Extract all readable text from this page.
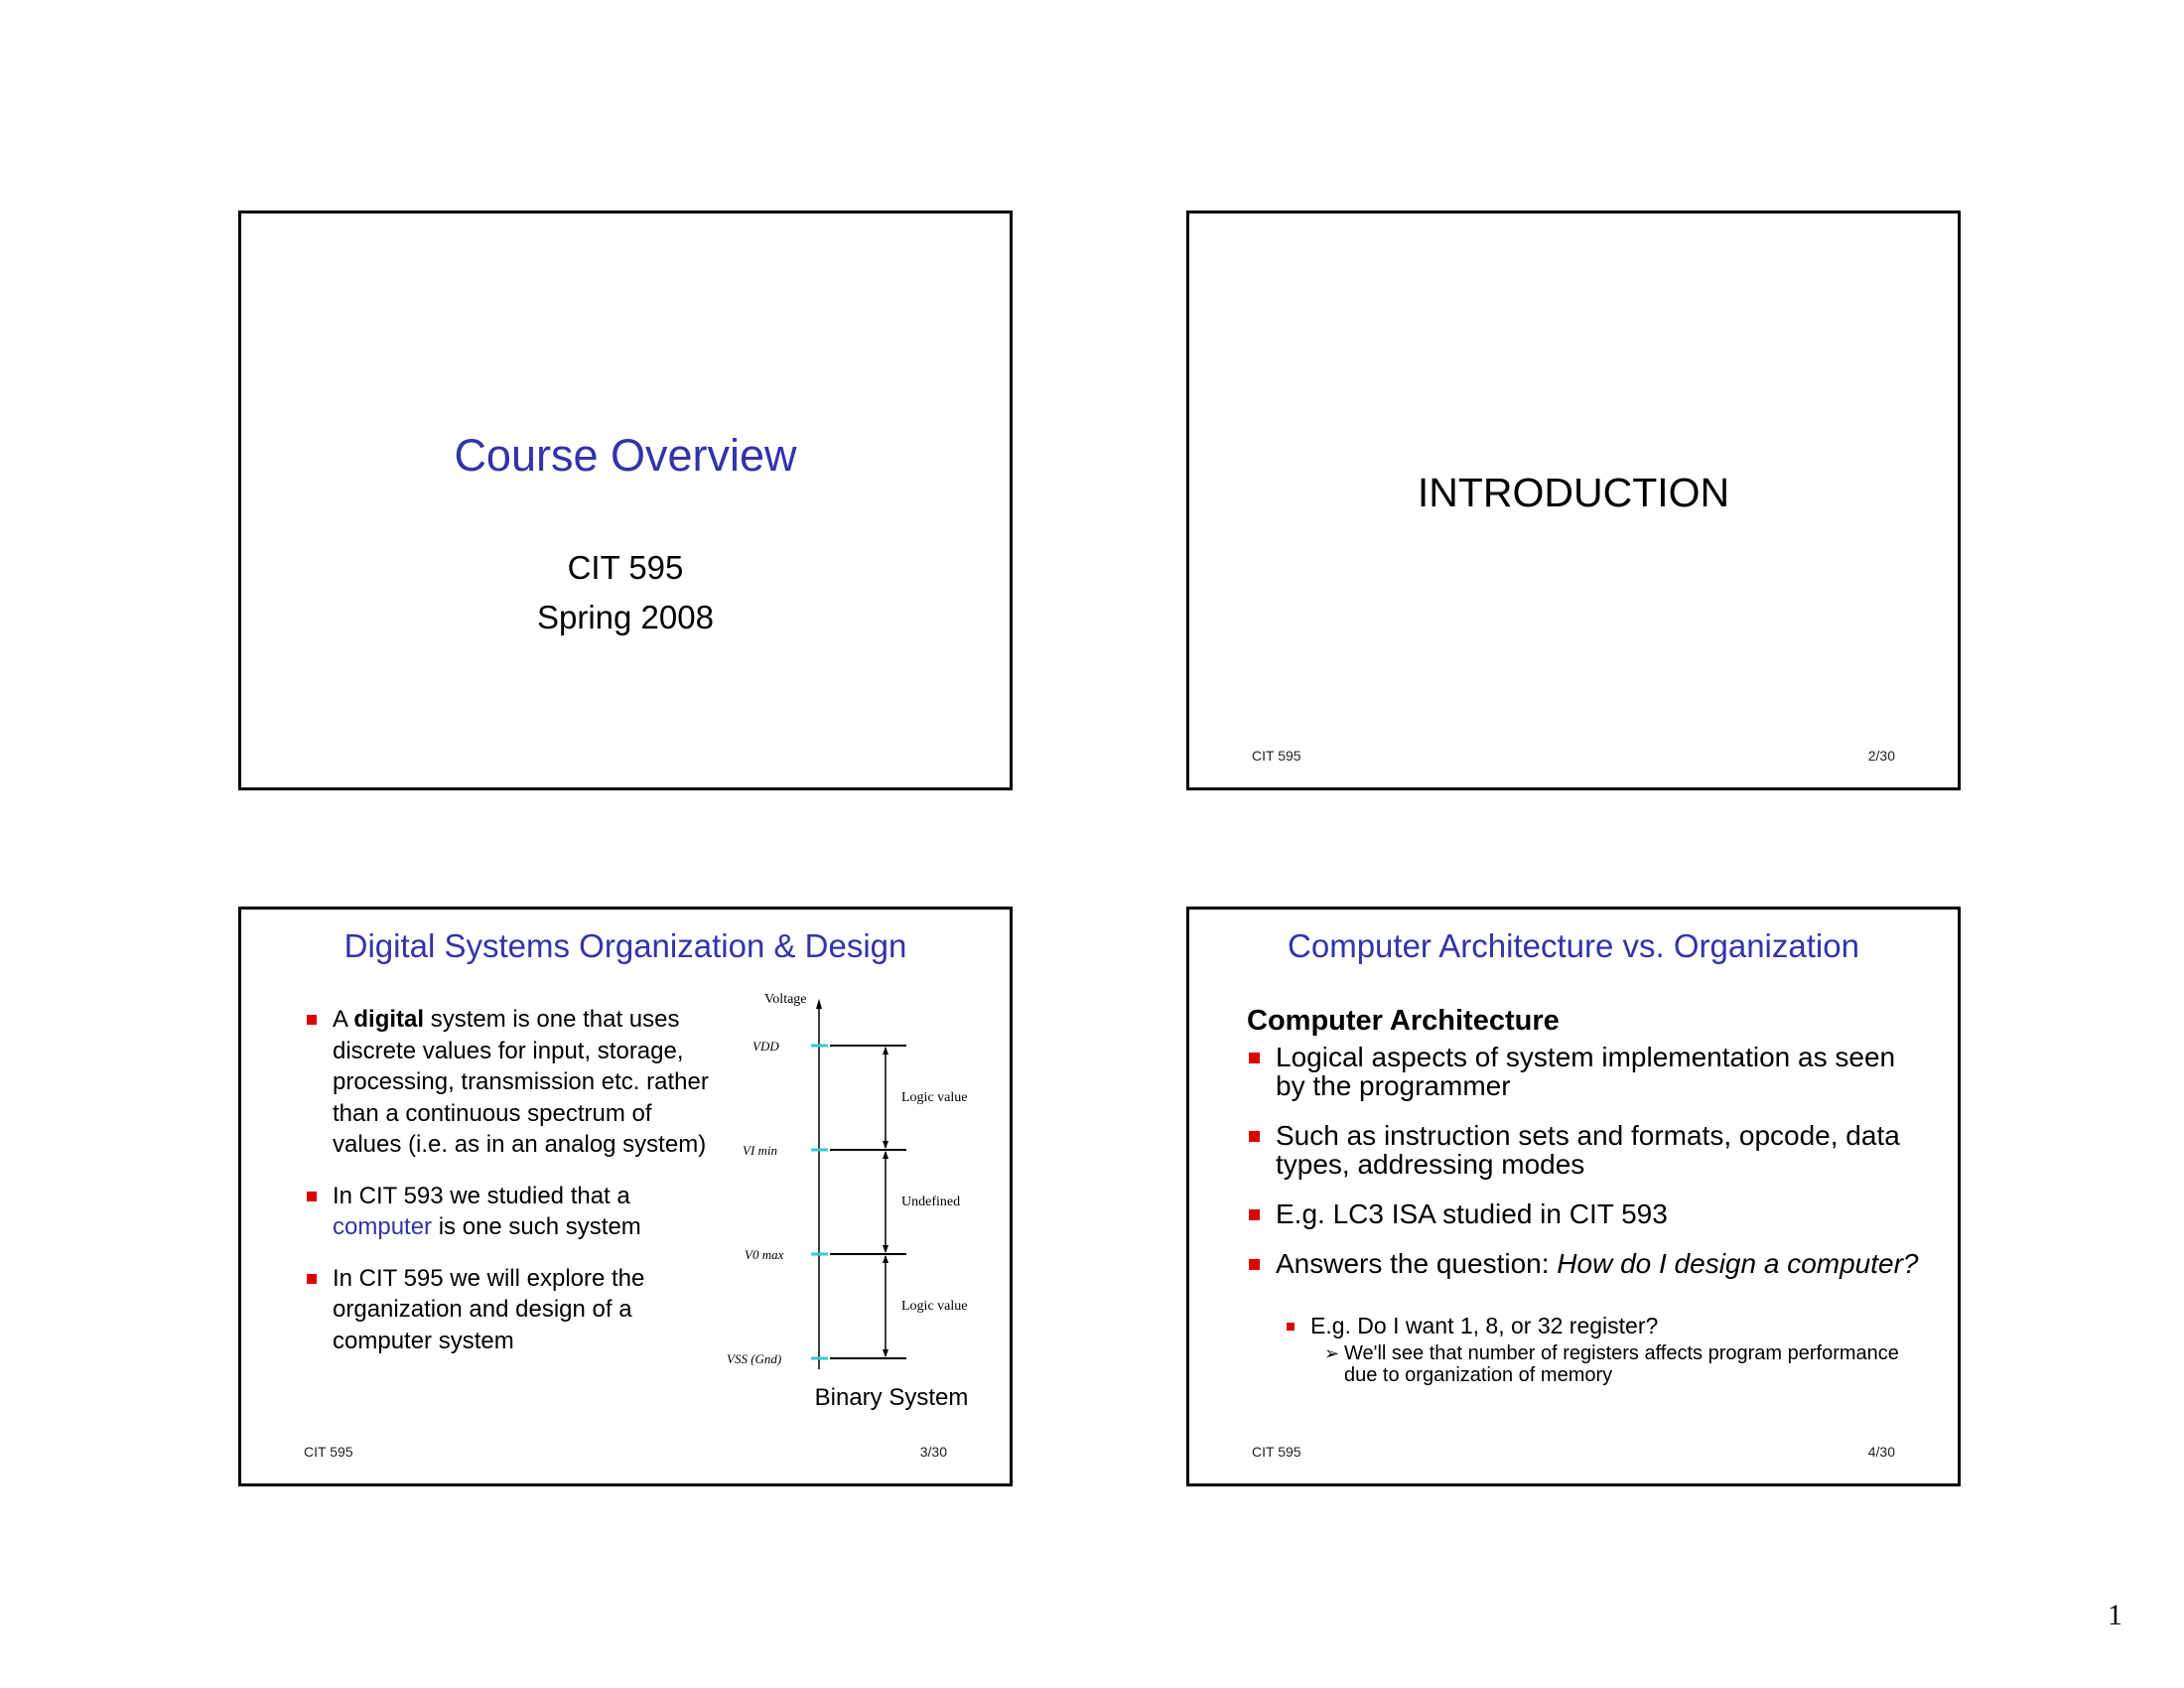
Course Overview
CIT 595
Spring 2008
INTRODUCTION
CIT 595	2/30
Digital Systems Organization & Design
A digital system is one that uses discrete values for input, storage, processing, transmission etc. rather than a continuous spectrum of values (i.e. as in an analog system)
In CIT 593 we studied that a computer is one such system
In CIT 595 we will explore the organization and design of a computer system
Voltage
VDD
VI min
V0 max
VSS (Gnd)
Logic value
Undefined
Logic value
Binary System
CIT 595	3/30
Computer Architecture vs. Organization
Computer Architecture
Logical aspects of system implementation as seen by the programmer
Such as instruction sets and formats, opcode, data types, addressing modes
E.g. LC3 ISA studied in CIT 593
Answers the question: How do I design a computer?
E.g. Do I want 1, 8, or 32 register?
➢ We'll see that number of registers affects program performance due to organization of memory
CIT 595	4/30
1
